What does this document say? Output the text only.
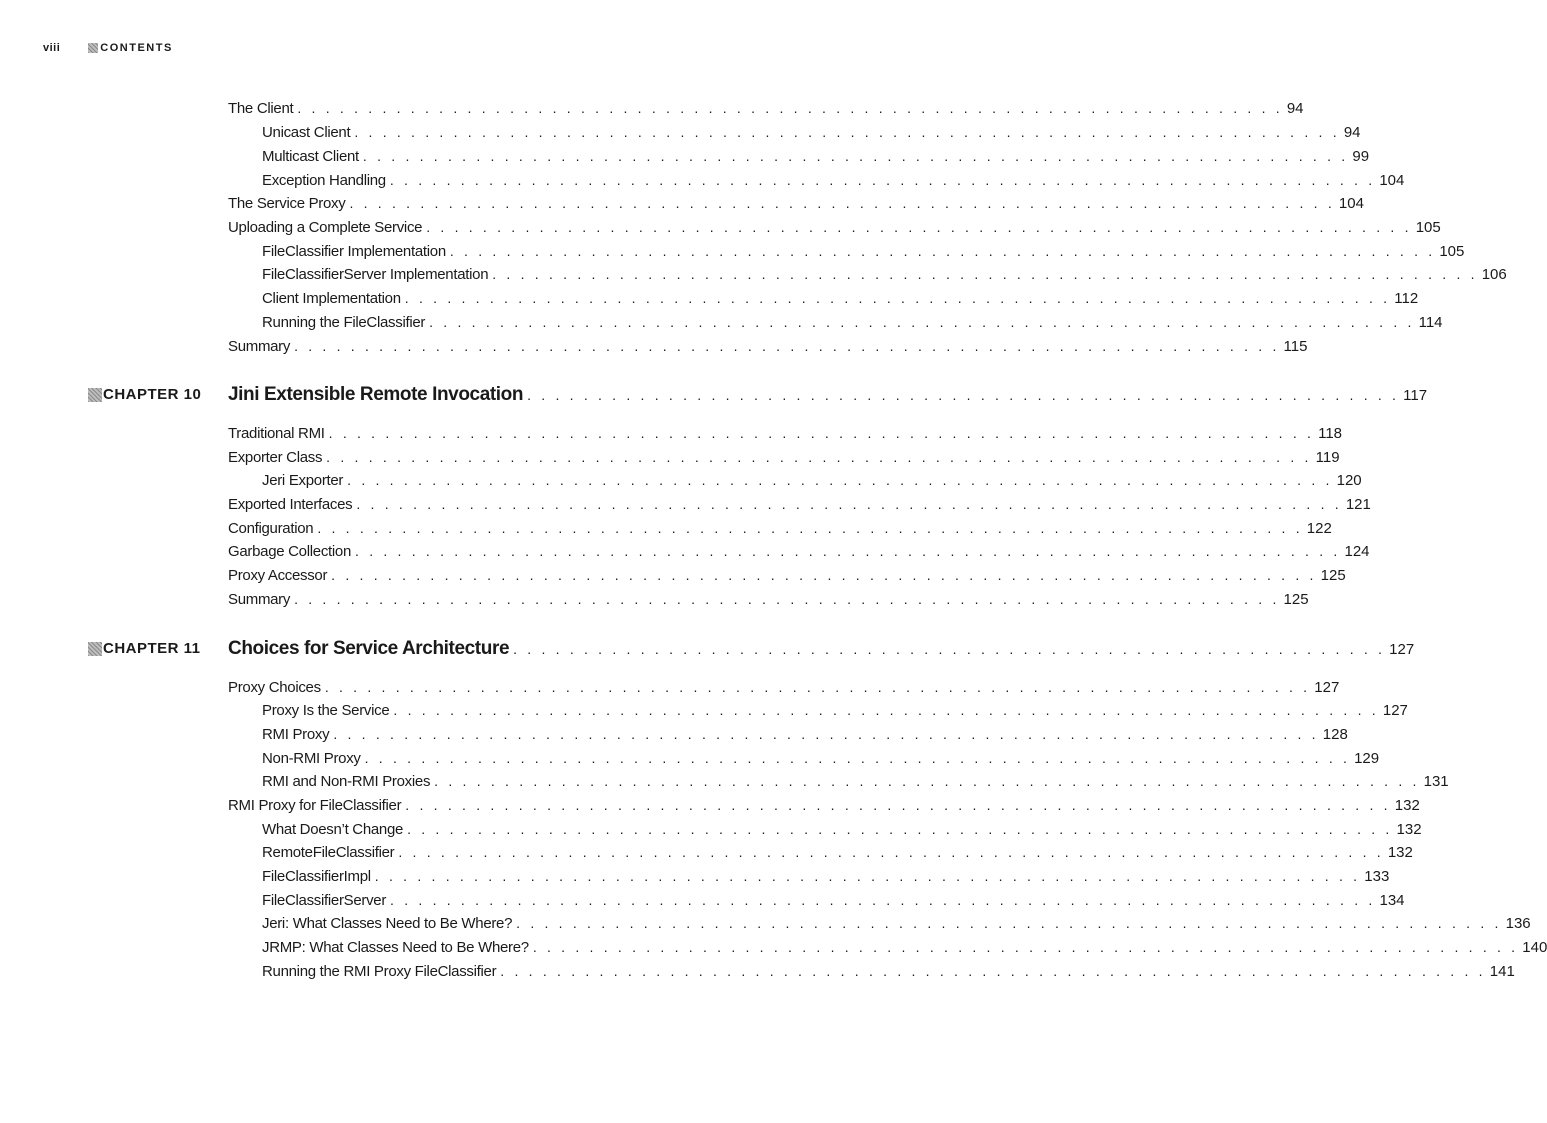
viii	CONTENTS
The Client . . . . . . . . . . . . . . . . . . . . . . . . . . . . . . . . . . . . . . . . . . . . . . . . . . . . . . . . . . . . . . . . . . . . . . 94
Unicast Client . . . . . . . . . . . . . . . . . . . . . . . . . . . . . . . . . . . . . . . . . . . . . . . . . . . . . . . . . . . . . . . . . . . . . . 94
Multicast Client . . . . . . . . . . . . . . . . . . . . . . . . . . . . . . . . . . . . . . . . . . . . . . . . . . . . . . . . . . . . . . . . . . . . . . 99
Exception Handling . . . . . . . . . . . . . . . . . . . . . . . . . . . . . . . . . . . . . . . . . . . . . . . . . . . . . . . . . . . . . . . . . . . . . . 104
The Service Proxy . . . . . . . . . . . . . . . . . . . . . . . . . . . . . . . . . . . . . . . . . . . . . . . . . . . . . . . . . . . . . . . . . . . . . . 104
Uploading a Complete Service . . . . . . . . . . . . . . . . . . . . . . . . . . . . . . . . . . . . . . . . . . . . . . . . . . . . . . . . . . . . . . . . . . . . . . 105
FileClassifier Implementation . . . . . . . . . . . . . . . . . . . . . . . . . . . . . . . . . . . . . . . . . . . . . . . . . . . . . . . . . . . . . . . . . . . . . . 105
FileClassifierServer Implementation . . . . . . . . . . . . . . . . . . . . . . . . . . . . . . . . . . . . . . . . . . . . . . . . . . . . . . . . . . . . . . . . . . . . . . 106
Client Implementation . . . . . . . . . . . . . . . . . . . . . . . . . . . . . . . . . . . . . . . . . . . . . . . . . . . . . . . . . . . . . . . . . . . . . . 112
Running the FileClassifier . . . . . . . . . . . . . . . . . . . . . . . . . . . . . . . . . . . . . . . . . . . . . . . . . . . . . . . . . . . . . . . . . . . . . . 114
Summary . . . . . . . . . . . . . . . . . . . . . . . . . . . . . . . . . . . . . . . . . . . . . . . . . . . . . . . . . . . . . . . . . . . . . . 115
CHAPTER 10 Jini Extensible Remote Invocation . . . . . . . . . . . . . . . . . . . . . . . . . . . . . . . . . . . . . . . . . . . . . . . . . . . . . . . . . . . . . . 117
Traditional RMI . . . . . . . . . . . . . . . . . . . . . . . . . . . . . . . . . . . . . . . . . . . . . . . . . . . . . . . . . . . . . . . . . . . . . . 118
Exporter Class . . . . . . . . . . . . . . . . . . . . . . . . . . . . . . . . . . . . . . . . . . . . . . . . . . . . . . . . . . . . . . . . . . . . . . 119
Jeri Exporter . . . . . . . . . . . . . . . . . . . . . . . . . . . . . . . . . . . . . . . . . . . . . . . . . . . . . . . . . . . . . . . . . . . . . . 120
Exported Interfaces . . . . . . . . . . . . . . . . . . . . . . . . . . . . . . . . . . . . . . . . . . . . . . . . . . . . . . . . . . . . . . . . . . . . . . 121
Configuration . . . . . . . . . . . . . . . . . . . . . . . . . . . . . . . . . . . . . . . . . . . . . . . . . . . . . . . . . . . . . . . . . . . . . . 122
Garbage Collection . . . . . . . . . . . . . . . . . . . . . . . . . . . . . . . . . . . . . . . . . . . . . . . . . . . . . . . . . . . . . . . . . . . . . . 124
Proxy Accessor . . . . . . . . . . . . . . . . . . . . . . . . . . . . . . . . . . . . . . . . . . . . . . . . . . . . . . . . . . . . . . . . . . . . . . 125
Summary . . . . . . . . . . . . . . . . . . . . . . . . . . . . . . . . . . . . . . . . . . . . . . . . . . . . . . . . . . . . . . . . . . . . . . 125
CHAPTER 11 Choices for Service Architecture . . . . . . . . . . . . . . . . . . . . . . . . . . . . . . . . . . . . . . . . . . . . . . . . . . . . . . . . . . . . . . 127
Proxy Choices . . . . . . . . . . . . . . . . . . . . . . . . . . . . . . . . . . . . . . . . . . . . . . . . . . . . . . . . . . . . . . . . . . . . . . 127
Proxy Is the Service . . . . . . . . . . . . . . . . . . . . . . . . . . . . . . . . . . . . . . . . . . . . . . . . . . . . . . . . . . . . . . . . . . . . . . 127
RMI Proxy . . . . . . . . . . . . . . . . . . . . . . . . . . . . . . . . . . . . . . . . . . . . . . . . . . . . . . . . . . . . . . . . . . . . . . 128
Non-RMI Proxy . . . . . . . . . . . . . . . . . . . . . . . . . . . . . . . . . . . . . . . . . . . . . . . . . . . . . . . . . . . . . . . . . . . . . . 129
RMI and Non-RMI Proxies . . . . . . . . . . . . . . . . . . . . . . . . . . . . . . . . . . . . . . . . . . . . . . . . . . . . . . . . . . . . . . . . . . . . . . 131
RMI Proxy for FileClassifier . . . . . . . . . . . . . . . . . . . . . . . . . . . . . . . . . . . . . . . . . . . . . . . . . . . . . . . . . . . . . . . . . . . . . . 132
What Doesn’t Change . . . . . . . . . . . . . . . . . . . . . . . . . . . . . . . . . . . . . . . . . . . . . . . . . . . . . . . . . . . . . . . . . . . . . . 132
RemoteFileClassifier . . . . . . . . . . . . . . . . . . . . . . . . . . . . . . . . . . . . . . . . . . . . . . . . . . . . . . . . . . . . . . . . . . . . . . 132
FileClassifierImpl . . . . . . . . . . . . . . . . . . . . . . . . . . . . . . . . . . . . . . . . . . . . . . . . . . . . . . . . . . . . . . . . . . . . . . 133
FileClassifierServer . . . . . . . . . . . . . . . . . . . . . . . . . . . . . . . . . . . . . . . . . . . . . . . . . . . . . . . . . . . . . . . . . . . . . . 134
Jeri: What Classes Need to Be Where? . . . . . . . . . . . . . . . . . . . . . . . . . . . . . . . . . . . . . . . . . . . . . . . . . . . . . . . . . . . . . . . . . . . . . . 136
JRMP: What Classes Need to Be Where? . . . . . . . . . . . . . . . . . . . . . . . . . . . . . . . . . . . . . . . . . . . . . . . . . . . . . . . . . . . . . . . . . . . . . . 140
Running the RMI Proxy FileClassifier . . . . . . . . . . . . . . . . . . . . . . . . . . . . . . . . . . . . . . . . . . . . . . . . . . . . . . . . . . . . . . . . . . . . . . 141
